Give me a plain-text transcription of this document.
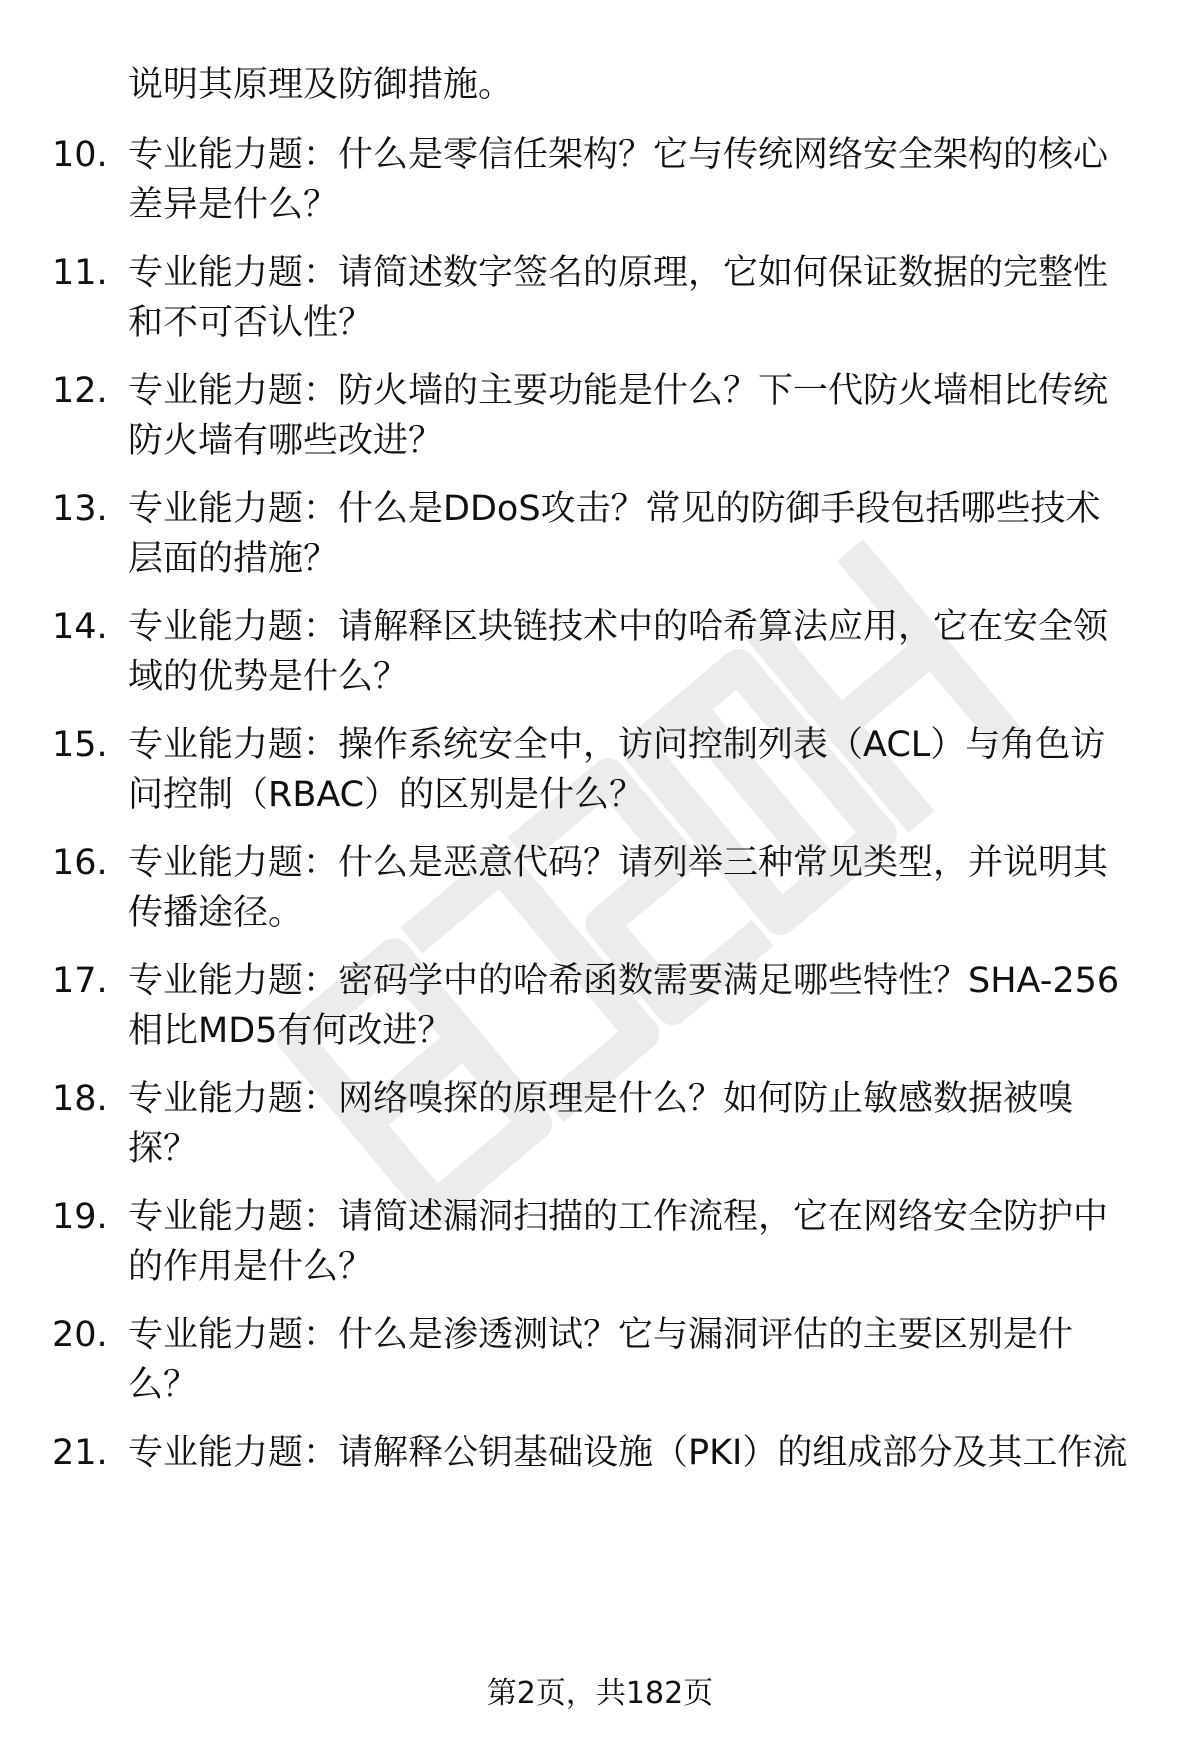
说明其原理及防御措施。
10. 专业能力题：什么是零信任架构？它与传统网络安全架构的核心
差异是什么？
11. 专业能力题：请简述数字签名的原理，它如何保证数据的完整性
和不可否认性？
12. 专业能力题：防火墙的主要功能是什么？下一代防火墙相比传统
防火墙有哪些改进？
13. 专业能力题：什么是DDoS攻击？常见的防御手段包括哪些技术
层面的措施？
14. 专业能力题：请解释区块链技术中的哈希算法应用，它在安全领
域的优势是什么？
15. 专业能力题：操作系统安全中，访问控制列表（ACL）与角色访
问控制（RBAC）的区别是什么？
16. 专业能力题：什么是恶意代码？请列举三种常见类型，并说明其
传播途径。
17. 专业能力题：密码学中的哈希函数需要满足哪些特性？SHA-256
相比MD5有何改进？
18. 专业能力题：网络嗅探的原理是什么？如何防止敏感数据被嗅
探？
19. 专业能力题：请简述漏洞扫描的工作流程，它在网络安全防护中
的作用是什么？
20. 专业能力题：什么是渗透测试？它与漏洞评估的主要区别是什
么？
21. 专业能力题：请解释公钥基础设施（PKI）的组成部分及其工作流
第2页，共182页
